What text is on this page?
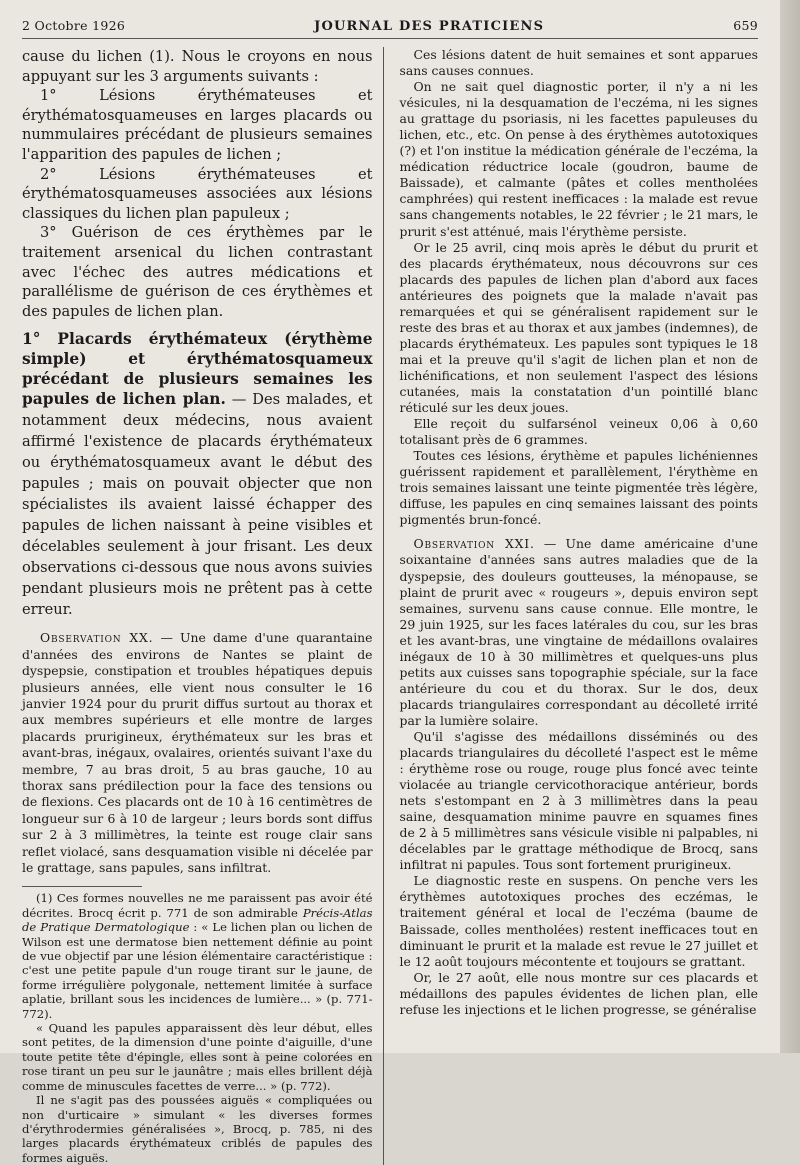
2 Octobre 1926	JOURNAL DES PRATICIENS	659

cause du lichen (1). Nous le croyons en nous appuyant sur les 3 arguments suivants :

1° Lésions érythémateuses et érythématosquameuses en larges placards ou nummulaires précédant de plusieurs semaines l'apparition des papules de lichen ;

2° Lésions érythémateuses et érythématosquameuses associées aux lésions classiques du lichen plan papuleux ;

3° Guérison de ces érythèmes par le traitement arsenical du lichen contrastant avec l'échec des autres médications et parallélisme de guérison de ces érythèmes et des papules de lichen plan.

1° Placards érythémateux (érythème simple) et érythématosquameux précédant de plusieurs semaines les papules de lichen plan. — Des malades, et notamment deux médecins, nous avaient affirmé l'existence de placards érythémateux ou érythématosquameux avant le début des papules ; mais on pouvait objecter que non spécialistes ils avaient laissé échapper des papules de lichen naissant à peine visibles et décelables seulement à jour frisant. Les deux observations ci-dessous que nous avons suivies pendant plusieurs mois ne prêtent pas à cette erreur.

Observation XX. — Une dame d'une quarantaine d'années des environs de Nantes se plaint de dyspepsie, constipation et troubles hépatiques depuis plusieurs années, elle vient nous consulter le 16 janvier 1924 pour du prurit diffus surtout au thorax et aux membres supérieurs et elle montre de larges placards prurigineux, érythémateux sur les bras et avant-bras, inégaux, ovalaires, orientés suivant l'axe du membre, 7 au bras droit, 5 au bras gauche, 10 au thorax sans prédilection pour la face des tensions ou de flexions. Ces placards ont de 10 à 16 centimètres de longueur sur 6 à 10 de largeur ; leurs bords sont diffus sur 2 à 3 millimètres, la teinte est rouge clair sans reflet violacé, sans desquamation visible ni décelée par le grattage, sans papules, sans infiltrat.

(1) Ces formes nouvelles ne me paraissent pas avoir été décrites. Brocq écrit p. 771 de son admirable Précis-Atlas de Pratique Dermatologique : « Le lichen plan ou lichen de Wilson est une dermatose bien nettement définie au point de vue objectif par une lésion élémentaire caractéristique : c'est une petite papule d'un rouge tirant sur le jaune, de forme irrégulière polygonale, nettement limitée à surface aplatie, brillant sous les incidences de lumière... » (p. 771-772).

« Quand les papules apparaissent dès leur début, elles sont petites, de la dimension d'une pointe d'aiguille, d'une toute petite tête d'épingle, elles sont à peine colorées en rose tirant un peu sur le jaunâtre ; mais elles brillent déjà comme de minuscules facettes de verre... » (p. 772).

Il ne s'agit pas des poussées aiguës « compliquées ou non d'urticaire » simulant « les diverses formes d'érythrodermies généralisées », Brocq, p. 785, ni des larges placards érythémateux criblés de papules des formes aiguës.

Ces lésions datent de huit semaines et sont apparues sans causes connues.

On ne sait quel diagnostic porter, il n'y a ni les vésicules, ni la desquamation de l'eczéma, ni les signes au grattage du psoriasis, ni les facettes papuleuses du lichen, etc., etc. On pense à des érythèmes autotoxiques (?) et l'on institue la médication générale de l'eczéma, la médication réductrice locale (goudron, baume de Baissade), et calmante (pâtes et colles mentholées camphrées) qui restent inefficaces : la malade est revue sans changements notables, le 22 février ; le 21 mars, le prurit s'est atténué, mais l'érythème persiste.

Or le 25 avril, cinq mois après le début du prurit et des placards érythémateux, nous découvrons sur ces placards des papules de lichen plan d'abord aux faces antérieures des poignets que la malade n'avait pas remarquées et qui se généralisent rapidement sur le reste des bras et au thorax et aux jambes (indemnes), de placards érythémateux. Les papules sont typiques le 18 mai et la preuve qu'il s'agit de lichen plan et non de lichénifications, et non seulement l'aspect des lésions cutanées, mais la constatation d'un pointillé blanc réticulé sur les deux joues.

Elle reçoit du sulfarsénol veineux 0,06 à 0,60 totalisant près de 6 grammes.

Toutes ces lésions, érythème et papules lichéniennes guérissent rapidement et parallèlement, l'érythème en trois semaines laissant une teinte pigmentée très légère, diffuse, les papules en cinq semaines laissant des points pigmentés brun-foncé.

Observation XXI. — Une dame américaine d'une soixantaine d'années sans autres maladies que de la dyspepsie, des douleurs goutteuses, la ménopause, se plaint de prurit avec « rougeurs », depuis environ sept semaines, survenu sans cause connue. Elle montre, le 29 juin 1925, sur les faces latérales du cou, sur les bras et les avant-bras, une vingtaine de médaillons ovalaires inégaux de 10 à 30 millimètres et quelques-uns plus petits aux cuisses sans topographie spéciale, sur la face antérieure du cou et du thorax. Sur le dos, deux placards triangulaires correspondant au décolleté irrité par la lumière solaire.

Qu'il s'agisse des médaillons disséminés ou des placards triangulaires du décolleté l'aspect est le même : érythème rose ou rouge, rouge plus foncé avec teinte violacée au triangle cervicothoracique antérieur, bords nets s'estompant en 2 à 3 millimètres dans la peau saine, desquamation minime pauvre en squames fines de 2 à 5 millimètres sans vésicule visible ni palpables, ni décelables par le grattage méthodique de Brocq, sans infiltrat ni papules. Tous sont fortement prurigineux.

Le diagnostic reste en suspens. On penche vers les érythèmes autotoxiques proches des eczémas, le traitement général et local de l'eczéma (baume de Baissade, colles mentholées) restent inefficaces tout en diminuant le prurit et la malade est revue le 27 juillet et le 12 août toujours mécontente et toujours se grattant.

Or, le 27 août, elle nous montre sur ces placards et médaillons des papules évidentes de lichen plan, elle refuse les injections et le lichen progresse, se généralise
